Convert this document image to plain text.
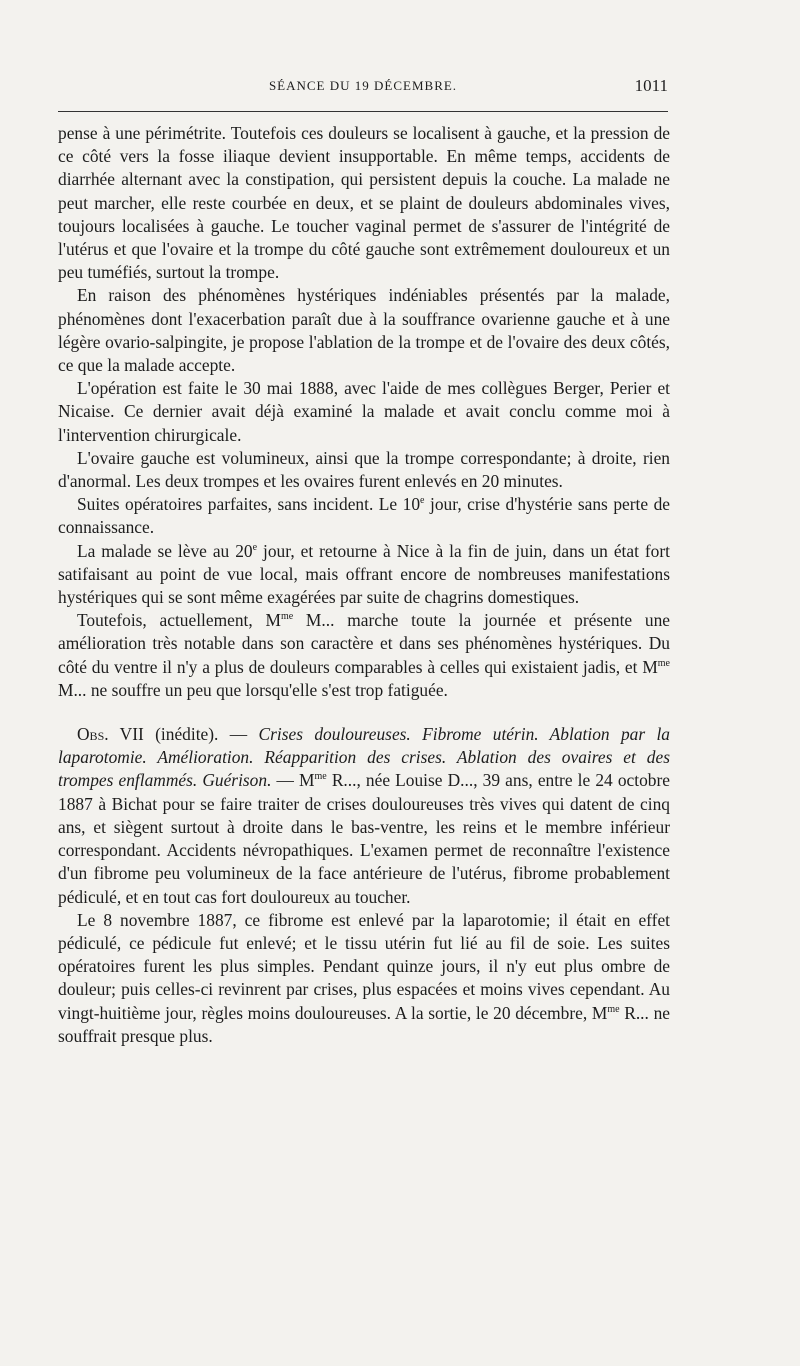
SÉANCE DU 19 DÉCEMBRE.	1011

pense à une périmétrite. Toutefois ces douleurs se localisent à gauche, et la pression de ce côté vers la fosse iliaque devient insupportable. En même temps, accidents de diarrhée alternant avec la constipation, qui persistent depuis la couche. La malade ne peut marcher, elle reste courbée en deux, et se plaint de douleurs abdominales vives, toujours localisées à gauche. Le toucher vaginal permet de s'assurer de l'intégrité de l'utérus et que l'ovaire et la trompe du côté gauche sont extrêmement douloureux et un peu tuméfiés, surtout la trompe.

En raison des phénomènes hystériques indéniables présentés par la malade, phénomènes dont l'exacerbation paraît due à la souffrance ovarienne gauche et à une légère ovario-salpingite, je propose l'ablation de la trompe et de l'ovaire des deux côtés, ce que la malade accepte.

L'opération est faite le 30 mai 1888, avec l'aide de mes collègues Berger, Perier et Nicaise. Ce dernier avait déjà examiné la malade et avait conclu comme moi à l'intervention chirurgicale.

L'ovaire gauche est volumineux, ainsi que la trompe correspondante; à droite, rien d'anormal. Les deux trompes et les ovaires furent enlevés en 20 minutes.

Suites opératoires parfaites, sans incident. Le 10e jour, crise d'hystérie sans perte de connaissance.

La malade se lève au 20e jour, et retourne à Nice à la fin de juin, dans un état fort satifaisant au point de vue local, mais offrant encore de nombreuses manifestations hystériques qui se sont même exagérées par suite de chagrins domestiques.

Toutefois, actuellement, $M^{me}$ M... marche toute la journée et présente une amélioration très notable dans son caractère et dans ses phénomènes hystériques. Du côté du ventre il n'y a plus de douleurs comparables à celles qui existaient jadis, et $M^{me}$ M... ne souffre un peu que lorsqu'elle s'est trop fatiguée.

Obs. VII (inédite). — Crises douloureuses. Fibrome utérin. Ablation par la laparotomie. Amélioration. Réapparition des crises. Ablation des ovaires et des trompes enflammés. Guérison. — $M^{me}$ R..., née Louise D..., 39 ans, entre le 24 octobre 1887 à Bichat pour se faire traiter de crises douloureuses très vives qui datent de cinq ans, et siègent surtout à droite dans le bas-ventre, les reins et le membre inférieur correspondant. Accidents névropathiques. L'examen permet de reconnaître l'existence d'un fibrome peu volumineux de la face antérieure de l'utérus, fibrome probablement pédiculé, et en tout cas fort douloureux au toucher.

Le 8 novembre 1887, ce fibrome est enlevé par la laparotomie; il était en effet pédiculé, ce pédicule fut enlevé; et le tissu utérin fut lié au fil de soie. Les suites opératoires furent les plus simples. Pendant quinze jours, il n'y eut plus ombre de douleur; puis celles-ci revinrent par crises, plus espacées et moins vives cependant. Au vingt-huitième jour, règles moins douloureuses. A la sortie, le 20 décembre, $M^{me}$ R... ne souffrait presque plus.
